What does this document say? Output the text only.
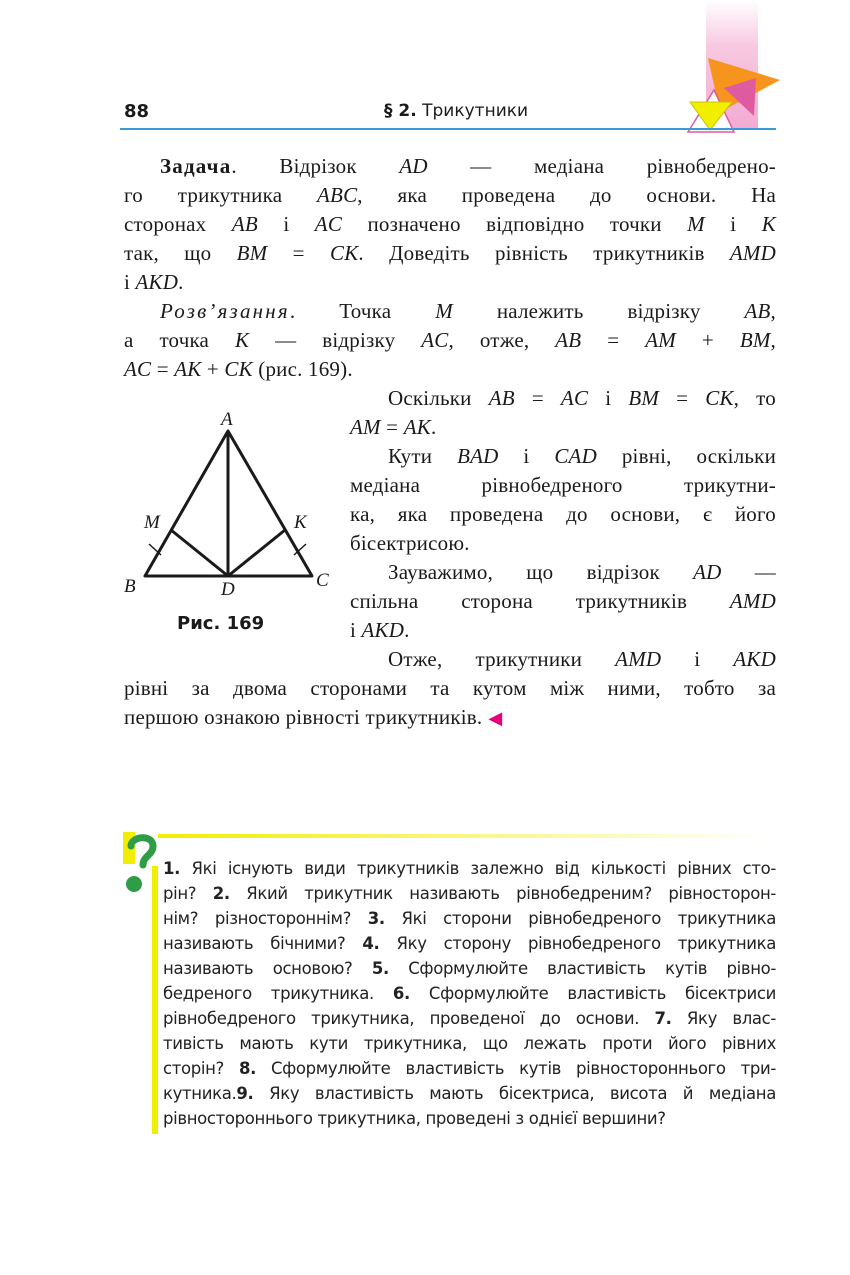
88	§ 2. Трикутники
Задача. Відрізок AD — медіана рівнобедрено-
го трикутника ABC, яка проведена до основи. На
сторонах AB і AC позначено відповідно точки M і K
так, що BM = CK. Доведіть рівність трикутників AMD
і AKD.
Розв’язання. Точка M належить відрізку AB,
а точка K — відрізку AC, отже, AB = AM + BM,
AC = AK + CK (рис. 169).
Оскільки AB = AC і BM = CK, то
AM = AK.
Кути BAD і CAD рівні, оскільки
медіана рівнобедреного трикутни-
ка, яка проведена до основи, є його
бісектрисою.
Зауважимо, що відрізок AD —
спільна сторона трикутників AMD
і AKD.
Отже, трикутники AMD і AKD
рівні за двома сторонами та кутом між ними, тобто за
першою ознакою рівності трикутників. ◀
A
B	C
D
M	K
Рис. 169
1. Які існують види трикутників залежно від кількості рівних сто-
рін? 2. Який трикутник називають рівнобедреним? рівносторон-
нім? різностороннім? 3. Які сторони рівнобедреного трикутника
називають бічними? 4. Яку сторону рівнобедреного трикутника
називають основою? 5. Сформулюйте властивість кутів рівно-
бедреного трикутника. 6. Сформулюйте властивість бісектриси
рівнобедреного трикутника, проведеної до основи. 7. Яку влас-
тивість мають кути трикутника, що лежать проти його рівних
сторін? 8. Сформулюйте властивість кутів рівностороннього три-
кутника.9. Яку властивість мають бісектриса, висота й медіана
рівностороннього трикутника, проведені з однієї вершини?
